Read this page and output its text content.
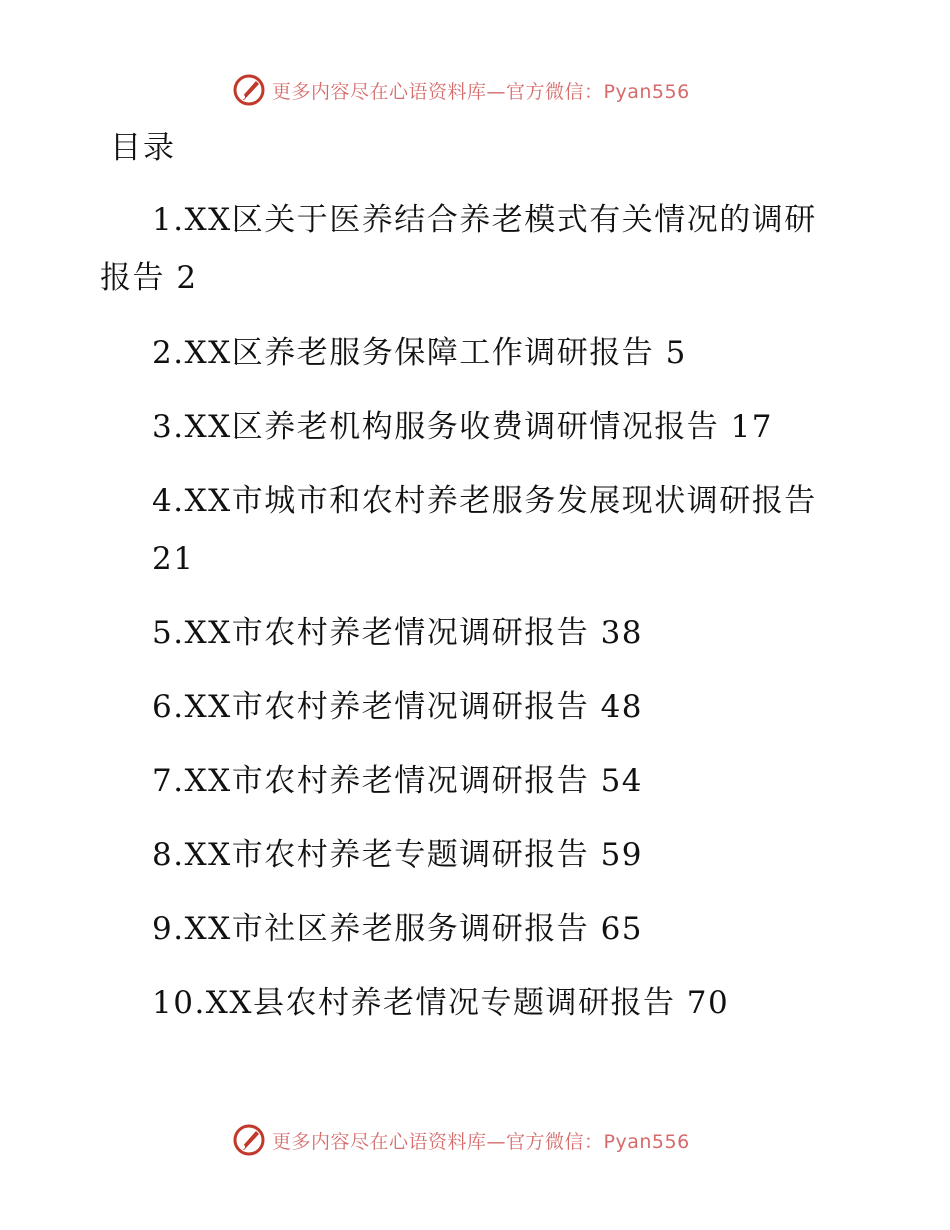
更多内容尽在心语资料库—官方微信：Pyan556
目录

1.XX区关于医养结合养老模式有关情况的调研

报告 2

2.XX区养老服务保障工作调研报告 5

3.XX区养老机构服务收费调研情况报告 17

4.XX市城市和农村养老服务发展现状调研报告

21

5.XX市农村养老情况调研报告 38

6.XX市农村养老情况调研报告 48

7.XX市农村养老情况调研报告 54

8.XX市农村养老专题调研报告 59

9.XX市社区养老服务调研报告 65

10.XX县农村养老情况专题调研报告 70

更多内容尽在心语资料库—官方微信：Pyan556
